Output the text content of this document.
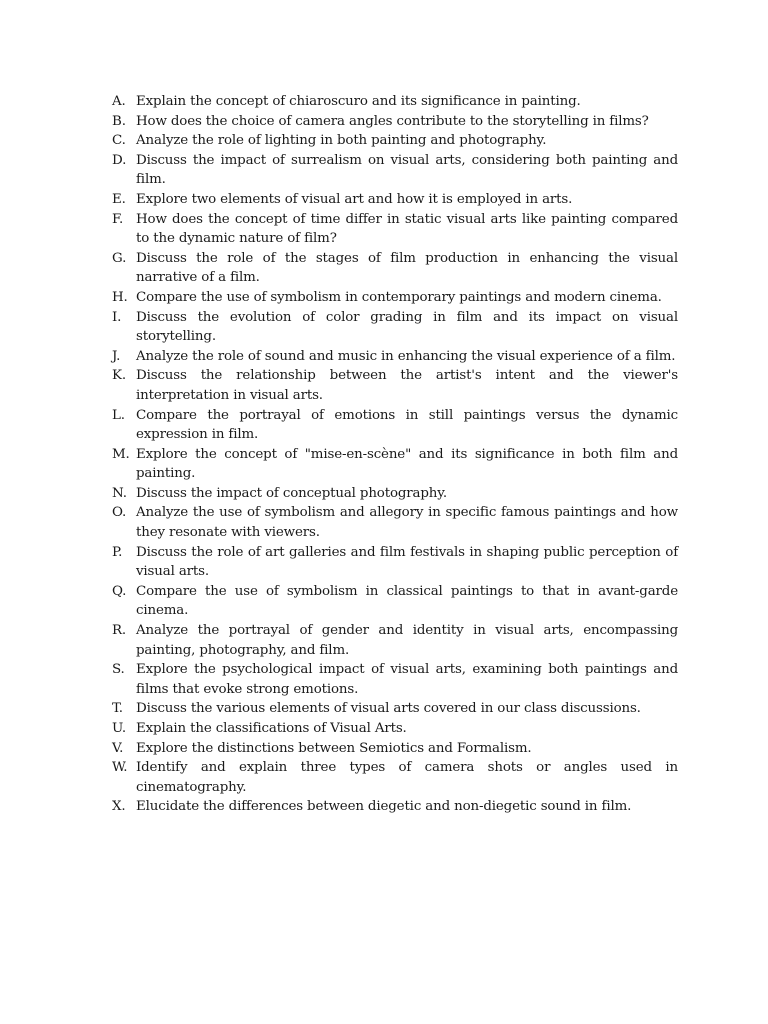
A. Explain the concept of chiaroscuro and its significance in painting.
B. How does the choice of camera angles contribute to the storytelling in films?
C. Analyze the role of lighting in both painting and photography.
D. Discuss the impact of surrealism on visual arts, considering both painting and film.
E. Explore two elements of visual art and how it is employed in arts.
F. How does the concept of time differ in static visual arts like painting compared to the dynamic nature of film?
G. Discuss the role of the stages of film production in enhancing the visual narrative of a film.
H. Compare the use of symbolism in contemporary paintings and modern cinema.
I.	Discuss the evolution of color grading in film and its impact on visual storytelling.
J.	Analyze the role of sound and music in enhancing the visual experience of a film.
K. Discuss the relationship between the artist's intent and the viewer's interpretation in visual arts.
L. Compare the portrayal of emotions in still paintings versus the dynamic expression in film.
M. Explore the concept of "mise-en-scène" and its significance in both film and painting.
N. Discuss the impact of conceptual photography.
O. Analyze the use of symbolism and allegory in specific famous paintings and how they resonate with viewers.
P.	Discuss the role of art galleries and film festivals in shaping public perception of visual arts.
Q. Compare the use of symbolism in classical paintings to that in avant-garde cinema.
R. Analyze the portrayal of gender and identity in visual arts, encompassing painting, photography, and film.
S. Explore the psychological impact of visual arts, examining both paintings and films that evoke strong emotions.
T. Discuss the various elements of visual arts covered in our class discussions.
U. Explain the classifications of Visual Arts.
V. Explore the distinctions between Semiotics and Formalism.
W. Identify and explain three types of camera shots or angles used in cinematography.
X. Elucidate the differences between diegetic and non-diegetic sound in film.
